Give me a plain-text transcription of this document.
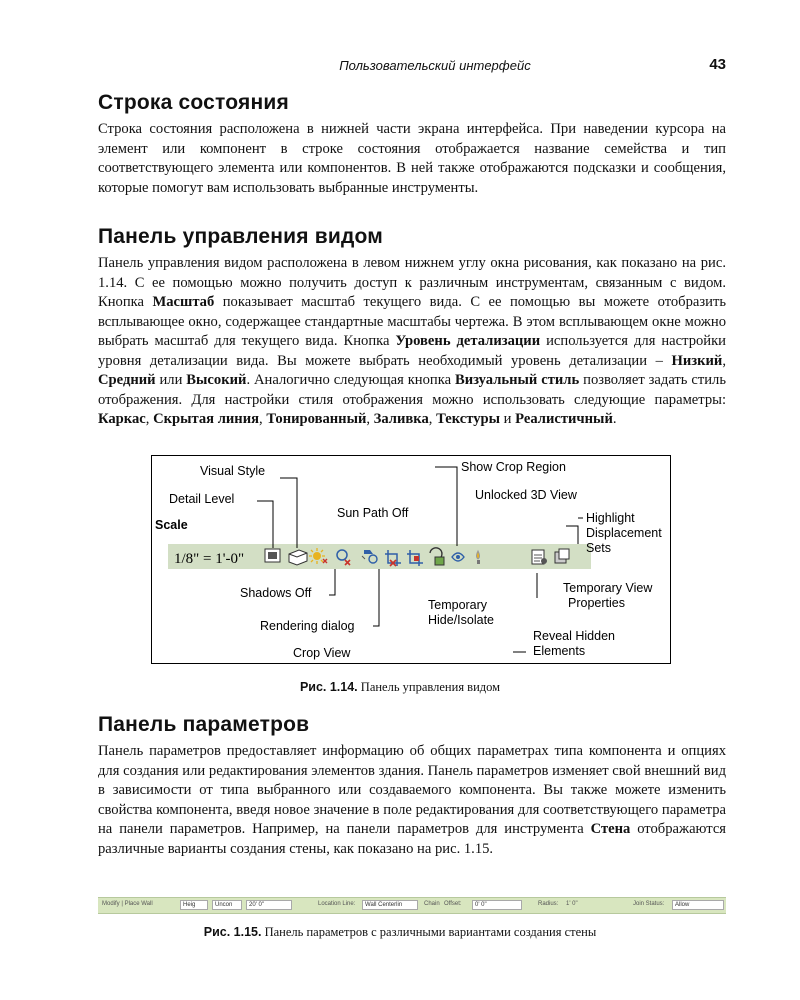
Пользовательский интерфейс	43
Строка состояния

Строка состояния расположена в нижней части экрана интерфейса. При наведении курсора на элемент или компонент в строке состояния отображается название семейства и тип соответствующего элемента или компонентов. В ней также отображаются подсказки и сообщения, которые помогут вам использовать выбранные инструменты.

Панель управления видом

Панель управления видом расположена в левом нижнем углу окна рисования, как показано на рис. 1.14. С ее помощью можно получить доступ к различным инструментам, связанным с видом. Кнопка Масштаб показывает масштаб текущего вида. С ее помощью вы можете отобразить всплывающее окно, содержащее стандартные масштабы чертежа. В этом всплывающем окне можно выбрать масштаб для текущего вида. Кнопка Уровень детализации используется для настройки уровня детализации вида. Вы можете выбрать необходимый уровень детализации – Низкий, Средний или Высокий. Аналогично следующая кнопка Визуальный стиль позволяет задать стиль отображения. Для настройки стиля отображения можно использовать следующие параметры: Каркас, Скрытая линия, Тонированный, Заливка, Текстуры и Реалистичный.

1/8" = 1'-0"
Visual Style
Detail Level
Scale
Sun Path Off
Show Crop Region
Unlocked 3D View
Highlight
Displacement
Sets
Shadows Off
Rendering dialog
Crop View
Temporary
Hide/Isolate
Temporary View
Properties
Reveal Hidden
Elements
Рис. 1.14. Панель управления видом
Панель параметров

Панель параметров предоставляет информацию об общих параметрах типа компонента и опциях для создания или редактирования элементов здания. Панель параметров изменяет свой внешний вид в зависимости от типа выбранного или создаваемого компонента. Вы также можете изменить свойства компонента, введя новое значение в поле редактирования для соответствующего параметра на панели параметров. Например, на панели параметров для инструмента Стена отображаются различные варианты создания стены, как показано на рис. 1.15.

Modify | Place Wall	Heig	Uncon	20' 0"	Location Line:	Wall Centerlin	Chain Offset:	0' 0"	Radius: 1' 0"	Join Status:	Allow
Рис. 1.15. Панель параметров с различными вариантами создания стены
